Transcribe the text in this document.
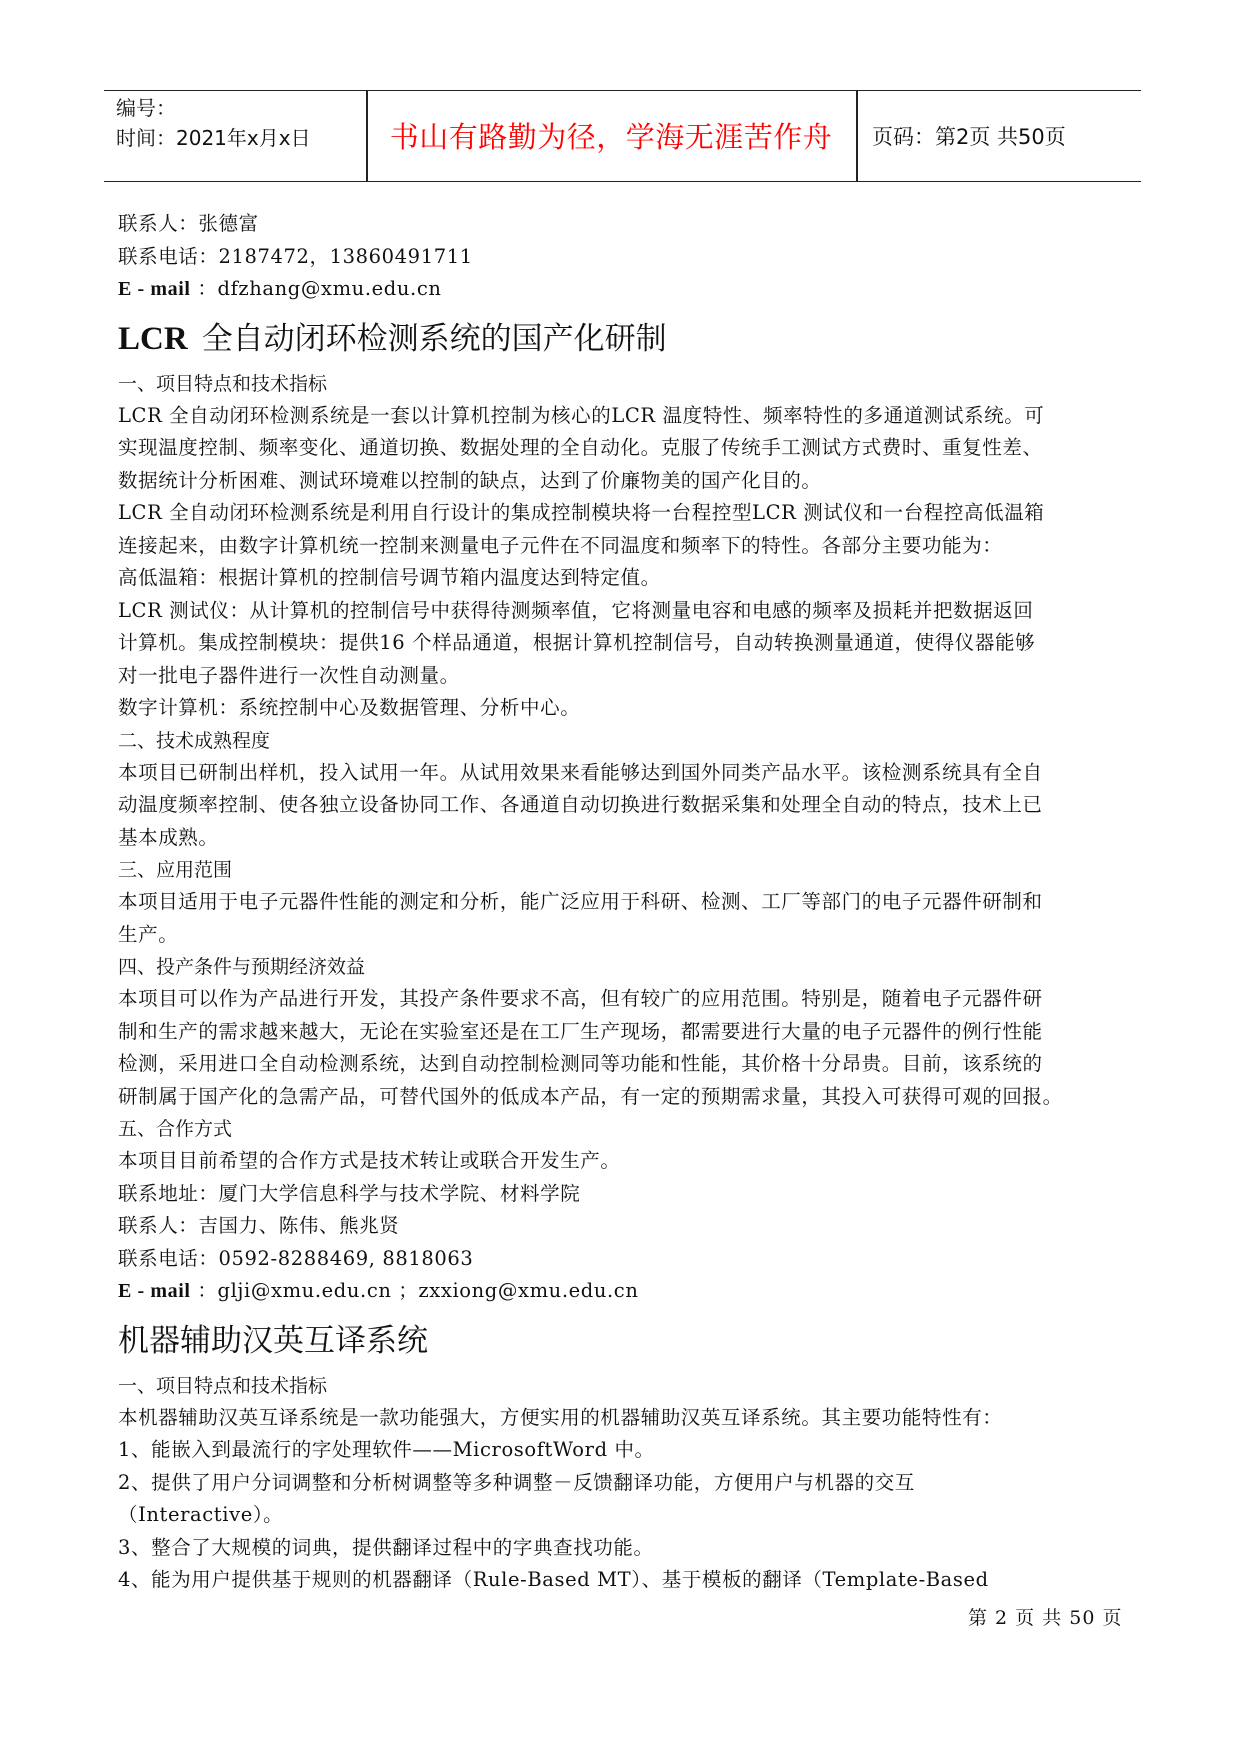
编号：
时间：2021年x月x日	书山有路勤为径，学海无涯苦作舟	页码：第2页 共50页
联系人：张德富
联系电话：2187472，13860491711
E - mail ：dfzhang@xmu.edu.cn
LCR 全自动闭环检测系统的国产化研制
一、项目特点和技术指标
LCR 全自动闭环检测系统是一套以计算机控制为核心的LCR 温度特性、频率特性的多通道测试系统。可
实现温度控制、频率变化、通道切换、数据处理的全自动化。克服了传统手工测试方式费时、重复性差、
数据统计分析困难、测试环境难以控制的缺点，达到了价廉物美的国产化目的。
LCR 全自动闭环检测系统是利用自行设计的集成控制模块将一台程控型LCR 测试仪和一台程控高低温箱
连接起来，由数字计算机统一控制来测量电子元件在不同温度和频率下的特性。各部分主要功能为：
高低温箱：根据计算机的控制信号调节箱内温度达到特定值。
LCR 测试仪：从计算机的控制信号中获得待测频率值，它将测量电容和电感的频率及损耗并把数据返回
计算机。集成控制模块：提供16 个样品通道，根据计算机控制信号，自动转换测量通道，使得仪器能够
对一批电子器件进行一次性自动测量。
数字计算机：系统控制中心及数据管理、分析中心。
二、技术成熟程度
本项目已研制出样机，投入试用一年。从试用效果来看能够达到国外同类产品水平。该检测系统具有全自
动温度频率控制、使各独立设备协同工作、各通道自动切换进行数据采集和处理全自动的特点，技术上已
基本成熟。
三、应用范围
本项目适用于电子元器件性能的测定和分析，能广泛应用于科研、检测、工厂等部门的电子元器件研制和
生产。
四、投产条件与预期经济效益
本项目可以作为产品进行开发，其投产条件要求不高，但有较广的应用范围。特别是，随着电子元器件研
制和生产的需求越来越大，无论在实验室还是在工厂生产现场，都需要进行大量的电子元器件的例行性能
检测，采用进口全自动检测系统，达到自动控制检测同等功能和性能，其价格十分昂贵。目前，该系统的
研制属于国产化的急需产品，可替代国外的低成本产品，有一定的预期需求量，其投入可获得可观的回报。
五、合作方式
本项目目前希望的合作方式是技术转让或联合开发生产。
联系地址：厦门大学信息科学与技术学院、材料学院
联系人：吉国力、陈伟、熊兆贤
联系电话：0592-8288469, 8818063
E - mail ：glji@xmu.edu.cn ；zxxiong@xmu.edu.cn
机器辅助汉英互译系统
一、项目特点和技术指标
本机器辅助汉英互译系统是一款功能强大，方便实用的机器辅助汉英互译系统。其主要功能特性有：
1、能嵌入到最流行的字处理软件——MicrosoftWord 中。
2、提供了用户分词调整和分析树调整等多种调整－反馈翻译功能，方便用户与机器的交互
（Interactive）。
3、整合了大规模的词典，提供翻译过程中的字典查找功能。
4、能为用户提供基于规则的机器翻译（Rule-Based MT）、基于模板的翻译（Template-Based
第 2 页 共 50 页
